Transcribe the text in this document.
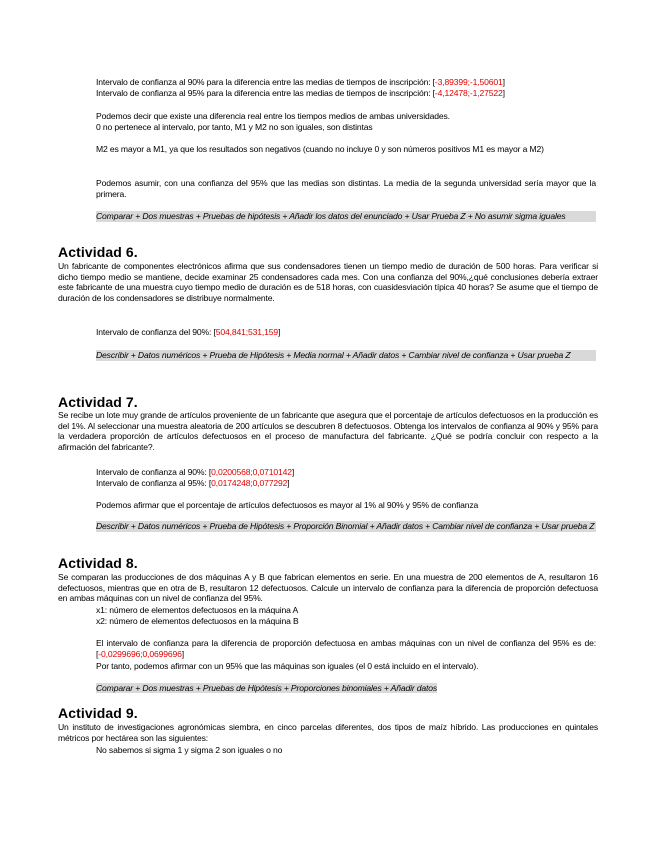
Intervalo de confianza al 90% para la diferencia entre las medias de tiempos de inscripción: [-3,89399;-1,50601]
Intervalo de confianza al 95% para la diferencia entre las medias de tiempos de inscripción: [-4,12478;-1,27522]
Podemos decir que existe una diferencia real entre los tiempos medios de ambas universidades.
0 no pertenece al intervalo, por tanto, M1 y M2 no son iguales, son distintas
M2 es mayor a M1, ya que los resultados son negativos (cuando no incluye 0 y son números positivos M1 es mayor a M2)
Podemos asumir, con una confianza del 95% que las medias son distintas. La media de la segunda universidad sería mayor que la primera.
Comparar + Dos muestras + Pruebas de hipótesis + Añadir los datos del enunciado + Usar Prueba Z + No asumir sigma iguales
Actividad 6.
Un fabricante de componentes electrónicos afirma que sus condensadores tienen un tiempo medio de duración de 500 horas. Para verificar si dicho tiempo medio se mantiene, decide examinar 25 condensadores cada mes. Con una confianza del 90%,¿qué conclusiones debería extraer este fabricante de una muestra cuyo tiempo medio de duración es de 518 horas, con cuasidesviación típica 40 horas? Se asume que el tiempo de duración de los condensadores se distribuye normalmente.
Intervalo de confianza del 90%: [504,841;531,159]
Describir + Datos numéricos + Prueba de Hipótesis + Media normal + Añadir datos + Cambiar nivel de confianza + Usar prueba Z
Actividad 7.
Se recibe un lote muy grande de artículos proveniente de un fabricante que asegura que el porcentaje de artículos defectuosos en la producción es del 1%. Al seleccionar una muestra aleatoria de 200 artículos se descubren 8 defectuosos. Obtenga los intervalos de confianza al 90% y 95% para la verdadera proporción de artículos defectuosos en el proceso de manufactura del fabricante. ¿Qué se podría concluir con respecto a la afirmación del fabricante?.
Intervalo de confianza al 90%: [0,0200568;0,0710142]
Intervalo de confianza al 95%: [0,0174248;0,077292]
Podemos afirmar que el porcentaje de artículos defectuosos es mayor al 1% al 90% y 95% de confianza
Describir + Datos numéricos + Prueba de Hipótesis + Proporción Binomial + Añadir datos + Cambiar nivel de confianza + Usar prueba Z
Actividad 8.
Se comparan las producciones de dos máquinas A y B que fabrican elementos en serie. En una muestra de 200 elementos de A, resultaron 16 defectuosos, mientras que en otra de B, resultaron 12 defectuosos. Calcule un intervalo de confianza para la diferencia de proporción defectuosa en ambas máquinas con un nivel de confianza del 95%.
x1: número de elementos defectuosos en la máquina A
x2: número de elementos defectuosos en la máquina B
El intervalo de confianza para la diferencia de proporción defectuosa en ambas máquinas con un nivel de confianza del 95% es de: [-0,0299696;0,0699696]
Por tanto, podemos afirmar con un 95% que las máquinas son iguales (el 0 está incluido en el intervalo).
Comparar + Dos muestras + Pruebas de Hipótesis + Proporciones binomiales + Añadir datos
Actividad 9.
Un instituto de investigaciones agronómicas siembra, en cinco parcelas diferentes, dos tipos de maíz híbrido. Las producciones en quintales métricos por hectárea son las siguientes:
No sabemos si sigma 1 y sigma 2 son iguales o no
